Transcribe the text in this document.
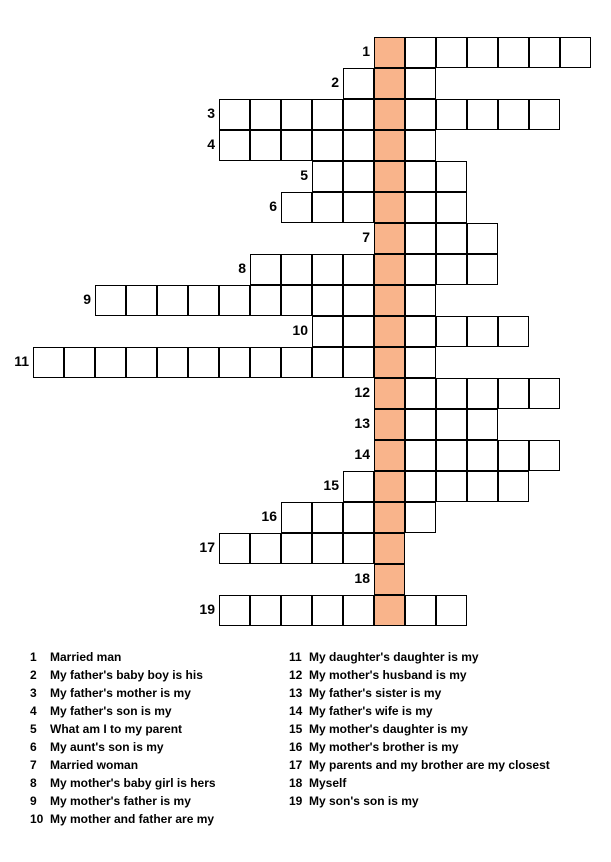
1
2
3
4
5
6
7
8
9
10
11
12
13
14
15
16
17
18
19
1 Married man
2 My father's baby boy is his
3 My father's mother is my
4 My father's son is my
5 What am I to my parent
6 My aunt's son is my
7 Married woman
8 My mother's baby girl is hers
9 My mother's father is my
10 My mother and father are my
11 My daughter's daughter is my
12 My mother's husband is my
13 My father's sister is my
14 My father's wife is my
15 My mother's daughter is my
16 My mother's brother is my
17 My parents and my brother are my closest
18 Myself
19 My son's son is my
